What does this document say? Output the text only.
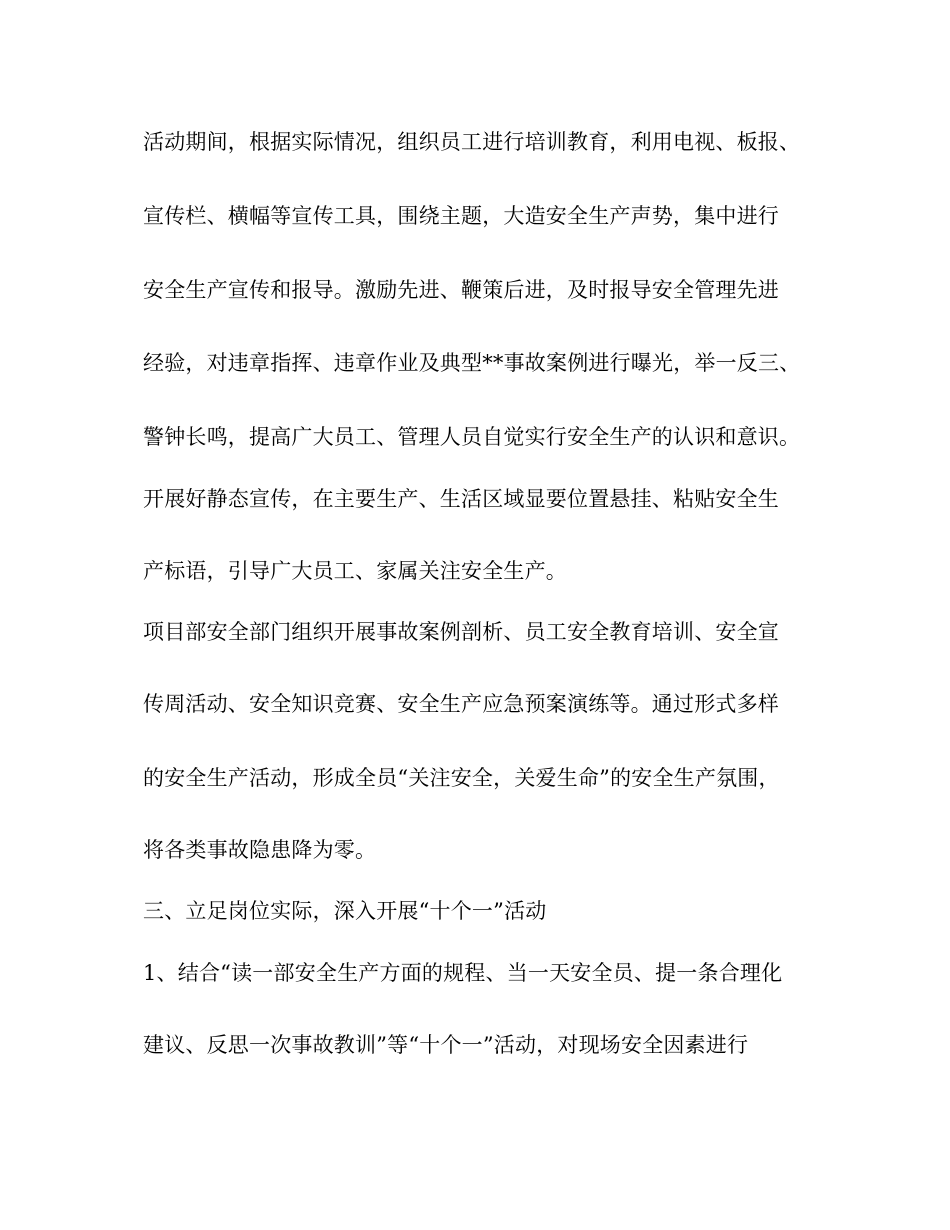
活动期间，根据实际情况，组织员工进行培训教育，利用电视、板报、
宣传栏、横幅等宣传工具，围绕主题，大造安全生产声势，集中进行
安全生产宣传和报导。激励先进、鞭策后进，及时报导安全管理先进
经验，对违章指挥、违章作业及典型**事故案例进行曝光，举一反三、
警钟长鸣，提高广大员工、管理人员自觉实行安全生产的认识和意识。
开展好静态宣传，在主要生产、生活区域显要位置悬挂、粘贴安全生
产标语，引导广大员工、家属关注安全生产。
项目部安全部门组织开展事故案例剖析、员工安全教育培训、安全宣
传周活动、安全知识竞赛、安全生产应急预案演练等。通过形式多样
的安全生产活动，形成全员“关注安全，关爱生命”的安全生产氛围，
将各类事故隐患降为零。
三、立足岗位实际，深入开展“十个一”活动
1、结合“读一部安全生产方面的规程、当一天安全员、提一条合理化
建议、反思一次事故教训”等“十个一”活动，对现场安全因素进行
